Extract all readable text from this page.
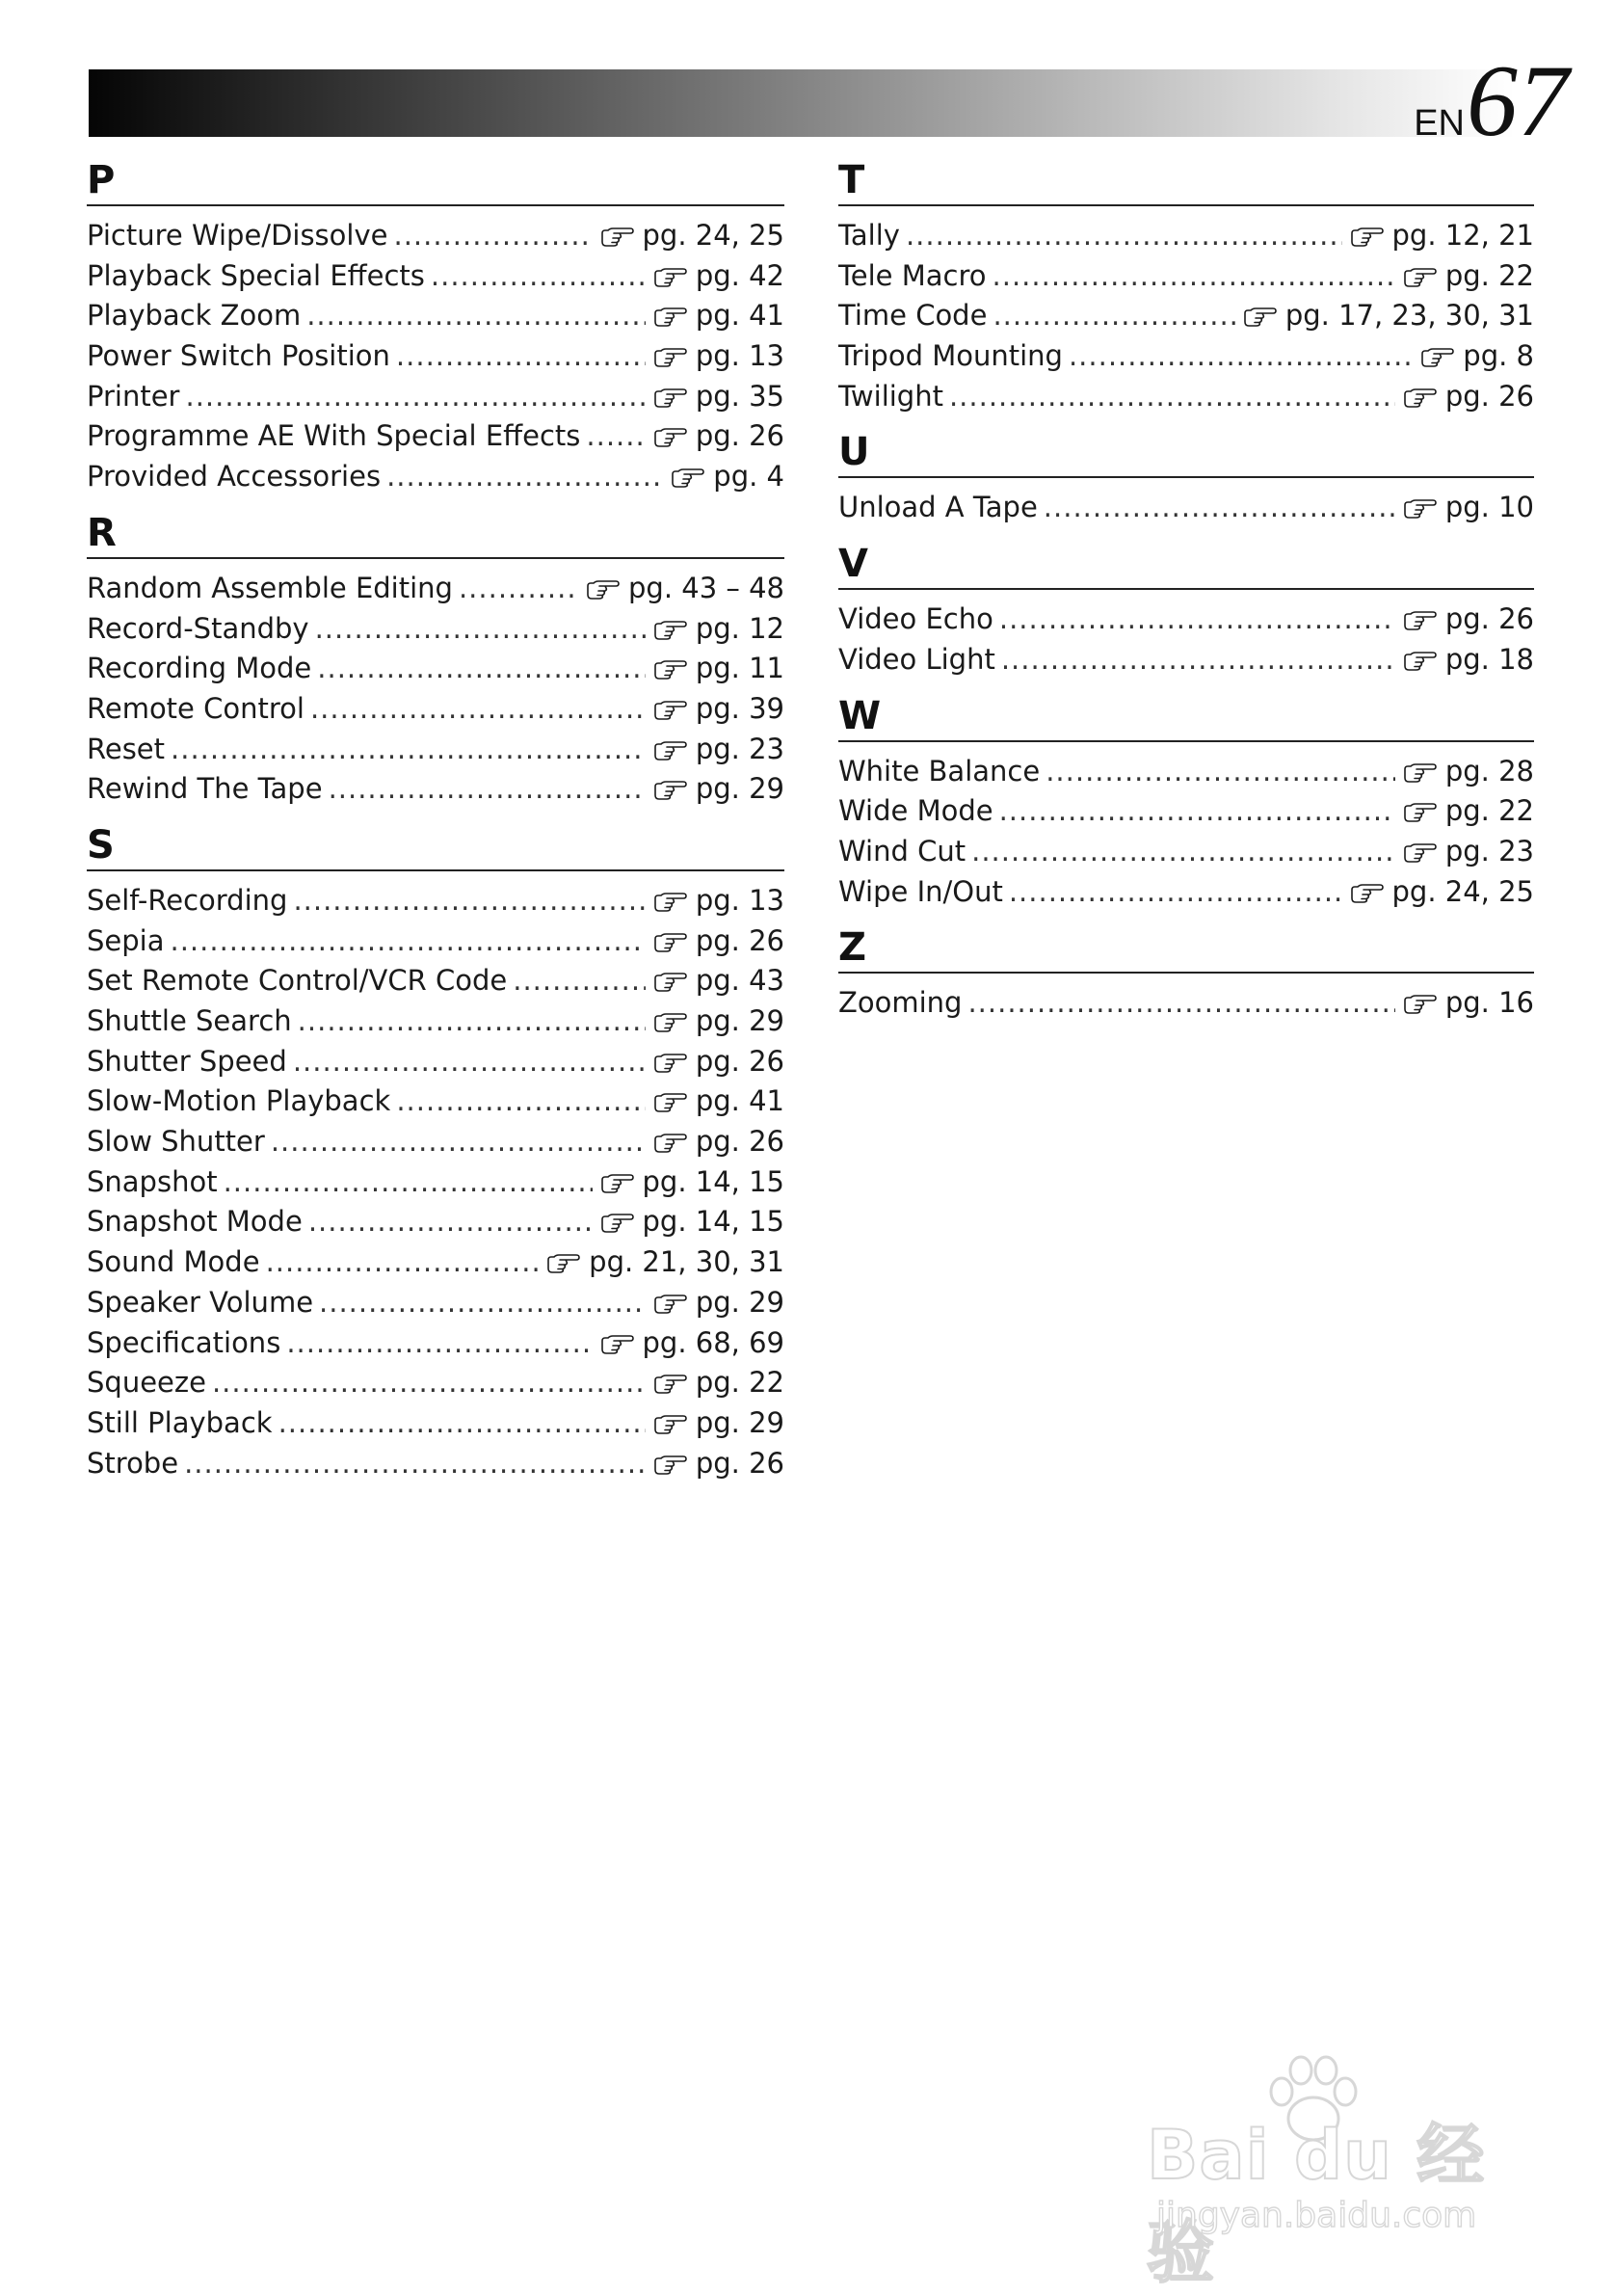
EN 67
P
Picture Wipe/Dissolve .....	pg. 24, 25
Playback Special Effects .....	pg. 42
Playback Zoom .....	pg. 41
Power Switch Position .....	pg. 13
Printer .....	pg. 35
Programme AE With Special Effects .....	pg. 26
Provided Accessories .....	pg. 4
R
Random Assemble Editing .....	pg. 43 – 48
Record-Standby .....	pg. 12
Recording Mode .....	pg. 11
Remote Control .....	pg. 39
Reset .....	pg. 23
Rewind The Tape .....	pg. 29
S
Self-Recording .....	pg. 13
Sepia .....	pg. 26
Set Remote Control/VCR Code .....	pg. 43
Shuttle Search .....	pg. 29
Shutter Speed .....	pg. 26
Slow-Motion Playback .....	pg. 41
Slow Shutter .....	pg. 26
Snapshot .....	pg. 14, 15
Snapshot Mode .....	pg. 14, 15
Sound Mode .....	pg. 21, 30, 31
Speaker Volume .....	pg. 29
Specifications .....	pg. 68, 69
Squeeze .....	pg. 22
Still Playback .....	pg. 29
Strobe .....	pg. 26
T
Tally .....	pg. 12, 21
Tele Macro .....	pg. 22
Time Code .....	pg. 17, 23, 30, 31
Tripod Mounting .....	pg. 8
Twilight .....	pg. 26
U
Unload A Tape .....	pg. 10
V
Video Echo .....	pg. 26
Video Light .....	pg. 18
W
White Balance .....	pg. 28
Wide Mode .....	pg. 22
Wind Cut .....	pg. 23
Wipe In/Out .....	pg. 24, 25
Z
Zooming .....	pg. 16
Bai du 经验
jingyan.baidu.com
